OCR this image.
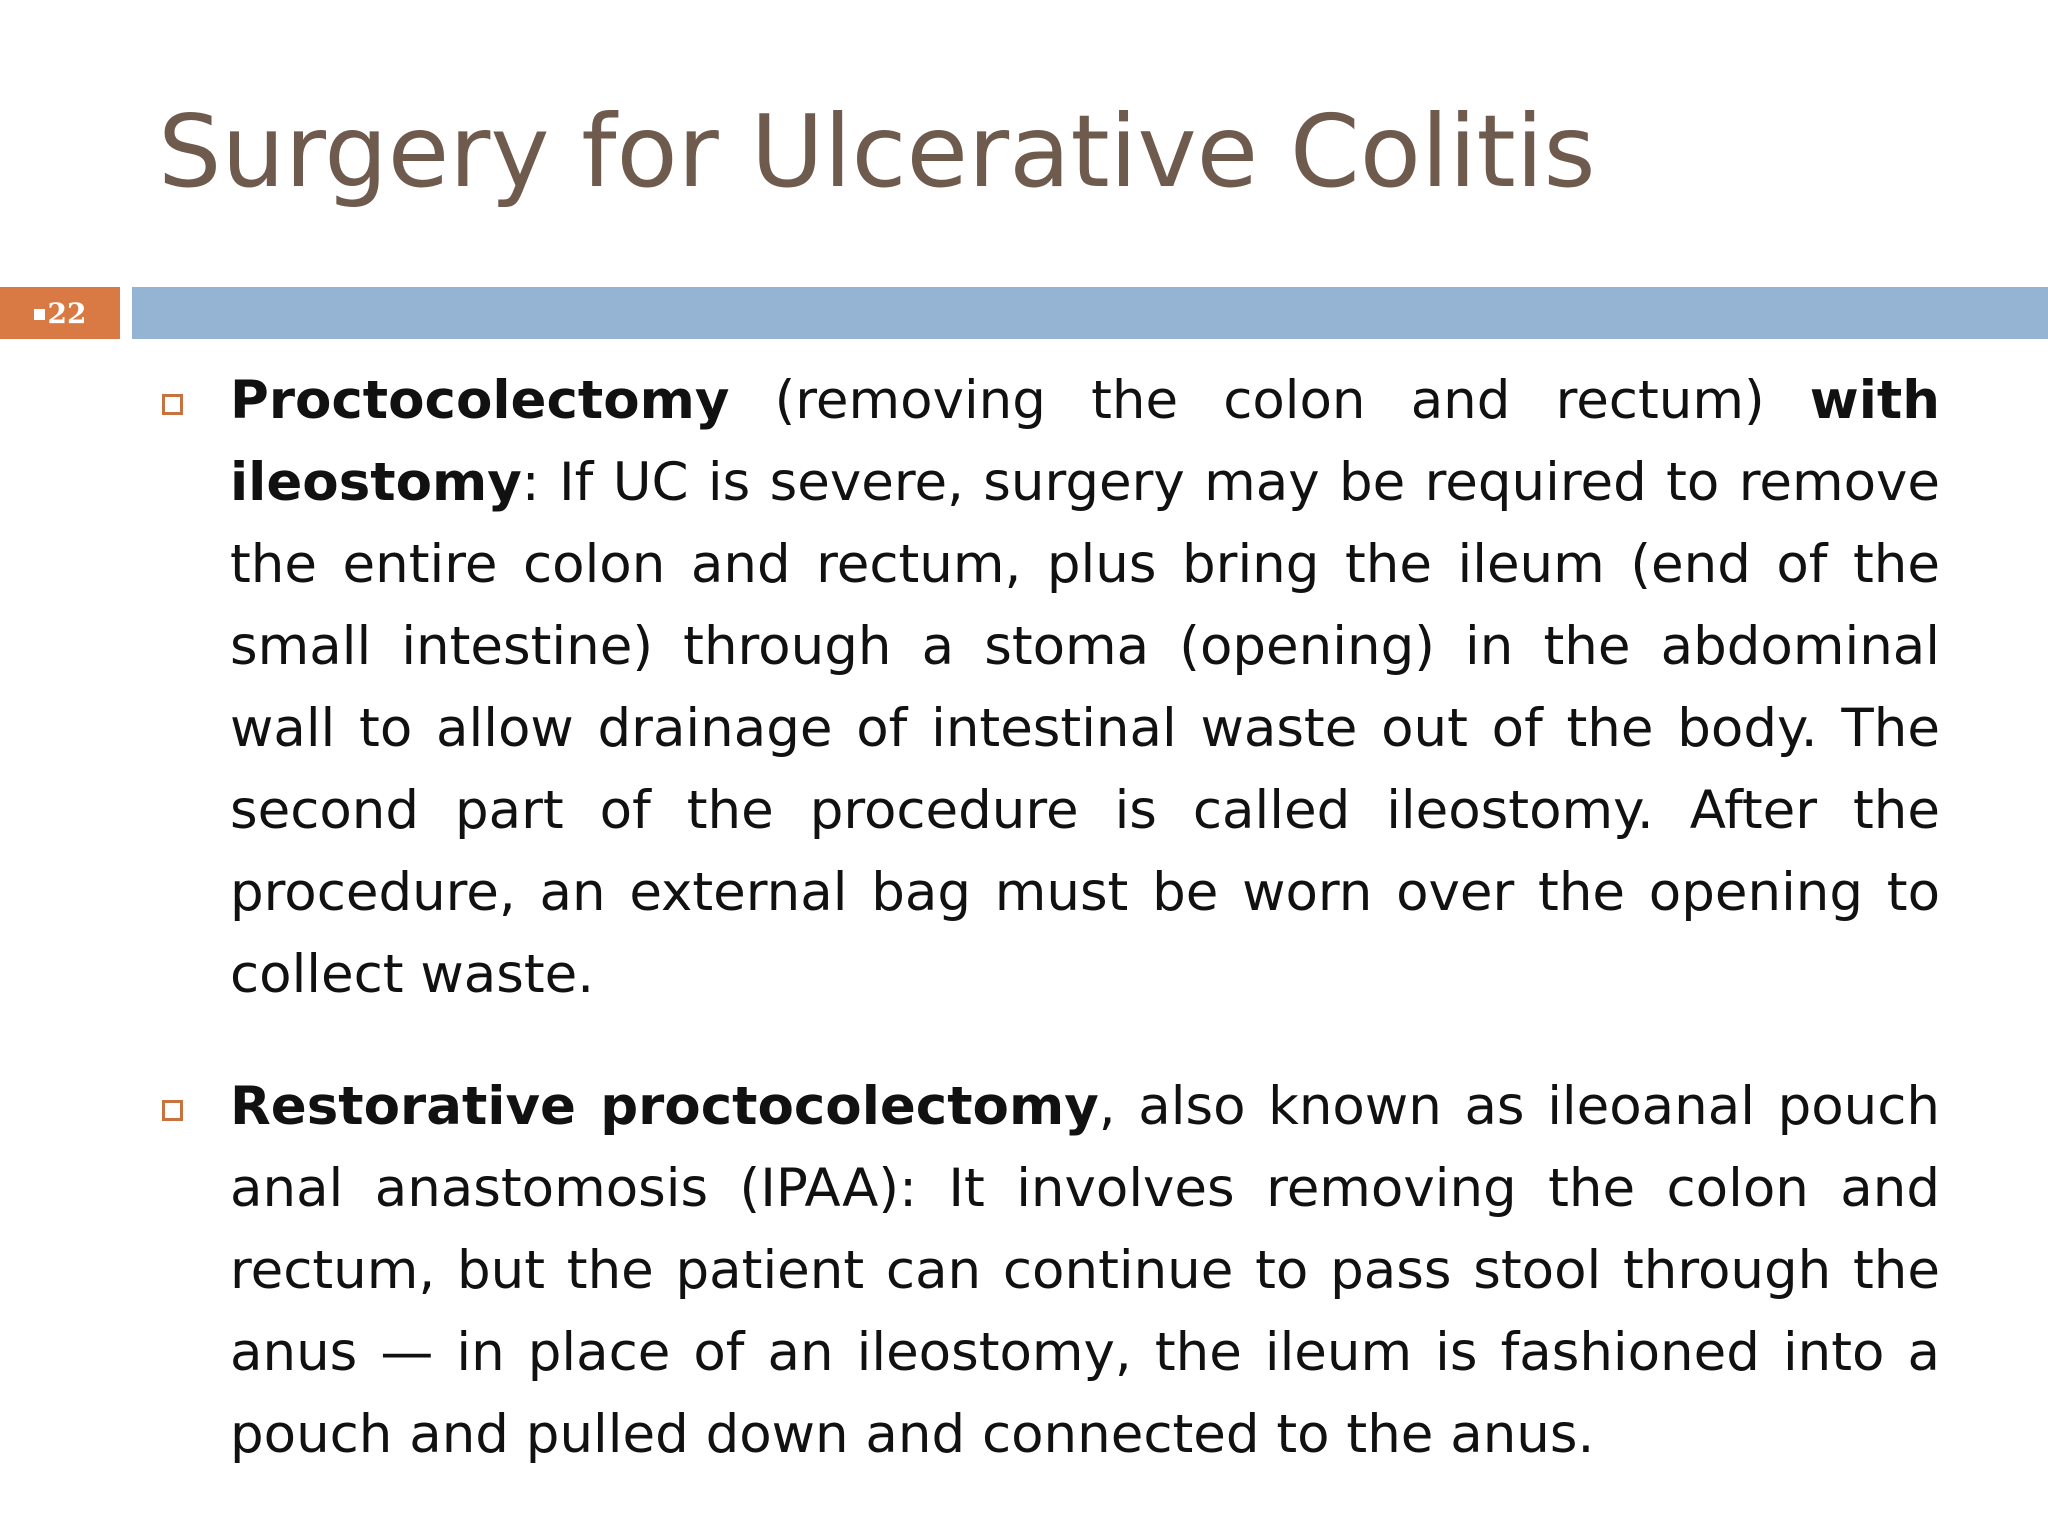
Surgery for Ulcerative Colitis
22
Proctocolectomy (removing the colon and rectum) with ileostomy: If UC is severe, surgery may be required to remove the entire colon and rectum, plus bring the ileum (end of the small intestine) through a stoma (opening) in the abdominal wall to allow drainage of intestinal waste out of the body. The second part of the procedure is called ileostomy. After the procedure, an external bag must be worn over the opening to collect waste.
Restorative proctocolectomy, also known as ileoanal pouch anal anastomosis (IPAA): It involves removing the colon and rectum, but the patient can continue to pass stool through the anus — in place of an ileostomy, the ileum is fashioned into a pouch and pulled down and connected to the anus.
